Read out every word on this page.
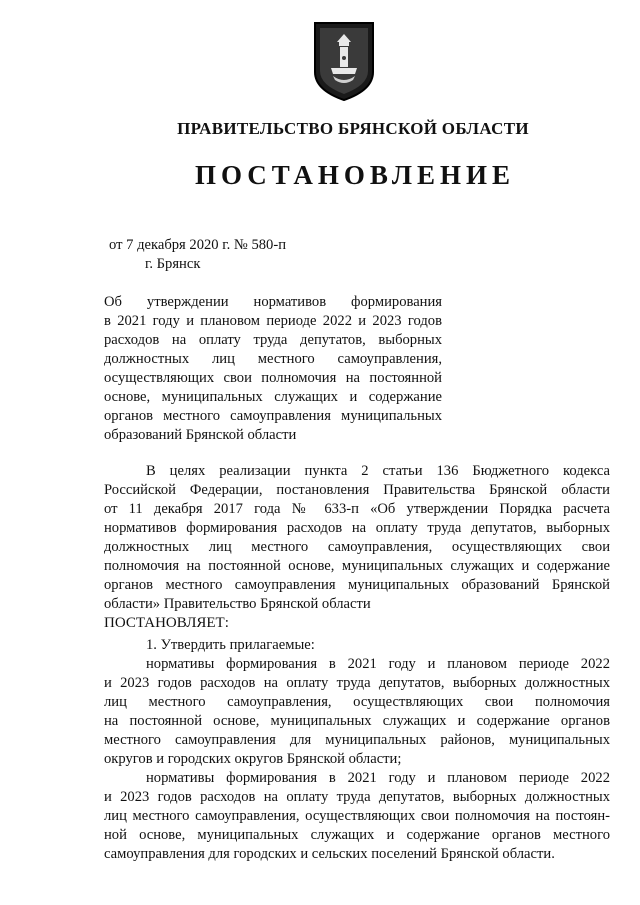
ПРАВИТЕЛЬСТВО БРЯНСКОЙ ОБЛАСТИ
ПОСТАНОВЛЕНИЕ
от 7 декабря 2020 г. № 580-п
г. Брянск
Об утверждении нормативов формирования
в 2021 году и плановом периоде 2022 и 2023 годов
расходов на оплату труда депутатов, выборных
должностных лиц местного самоуправления,
осуществляющих свои полномочия на постоянной
основе, муниципальных служащих и содержание
органов местного самоуправления муниципальных
образований Брянской области
В целях реализации пункта 2 статьи 136 Бюджетного кодекса
Российской Федерации, постановления Правительства Брянской области
от 11 декабря 2017 года № 633-п «Об утверждении Порядка расчета
нормативов формирования расходов на оплату труда депутатов, выборных
должностных лиц местного самоуправления, осуществляющих свои
полномочия на постоянной основе, муниципальных служащих и содержание
органов местного самоуправления муниципальных образований Брянской
области» Правительство Брянской области
ПОСТАНОВЛЯЕТ:
1. Утвердить прилагаемые:
нормативы формирования в 2021 году и плановом периоде 2022
и 2023 годов расходов на оплату труда депутатов, выборных должностных
лиц местного самоуправления, осуществляющих свои полномочия
на постоянной основе, муниципальных служащих и содержание органов
местного самоуправления для муниципальных районов, муниципальных
округов и городских округов Брянской области;
нормативы формирования в 2021 году и плановом периоде 2022
и 2023 годов расходов на оплату труда депутатов, выборных должностных
лиц местного самоуправления, осуществляющих свои полномочия на постоян-
ной основе, муниципальных служащих и содержание органов местного
самоуправления для городских и сельских поселений Брянской области.
